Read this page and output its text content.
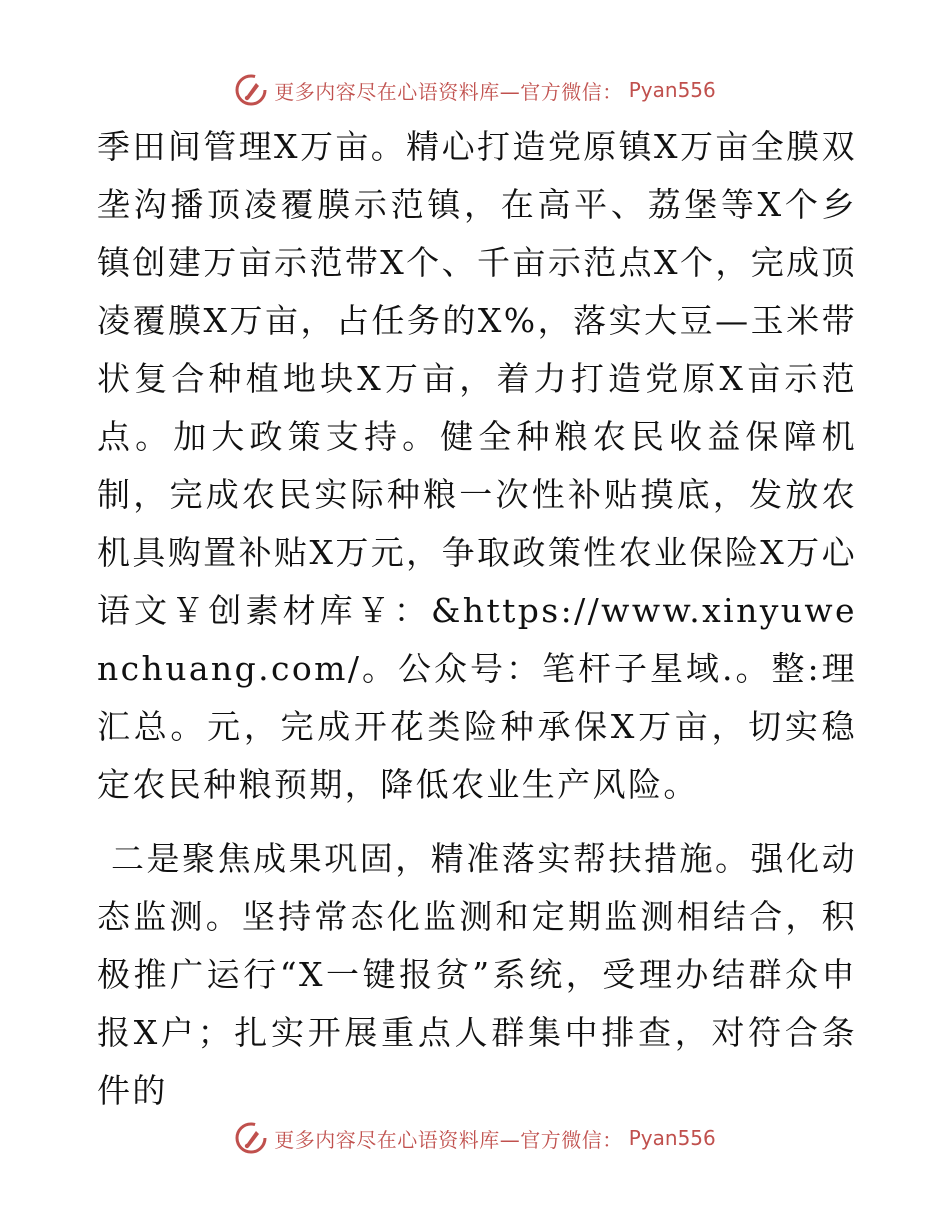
更多内容尽在心语资料库—官方微信： Pyan556

季田间管理X万亩。精心打造党原镇X万亩全膜双垄沟播顶凌覆膜示范镇，在高平、荔堡等X个乡镇创建万亩示范带X个、千亩示范点X个，完成顶凌覆膜X万亩，占任务的X%，落实大豆—玉米带状复合种植地块X万亩，着力打造党原X亩示范点。加大政策支持。健全种粮农民收益保障机制，完成农民实际种粮一次性补贴摸底，发放农机具购置补贴X万元，争取政策性农业保险X万心语文￥创素材库￥：&https://www.xinyuwenchuang.com/。公众号：笔杆子星域.。整:理汇总。元，完成开花类险种承保X万亩，切实稳定农民种粮预期，降低农业生产风险。

二是聚焦成果巩固，精准落实帮扶措施。强化动态监测。坚持常态化监测和定期监测相结合，积极推广运行“X一键报贫”系统，受理办结群众申报X户；扎实开展重点人群集中排查，对符合条件的

更多内容尽在心语资料库—官方微信： Pyan556
